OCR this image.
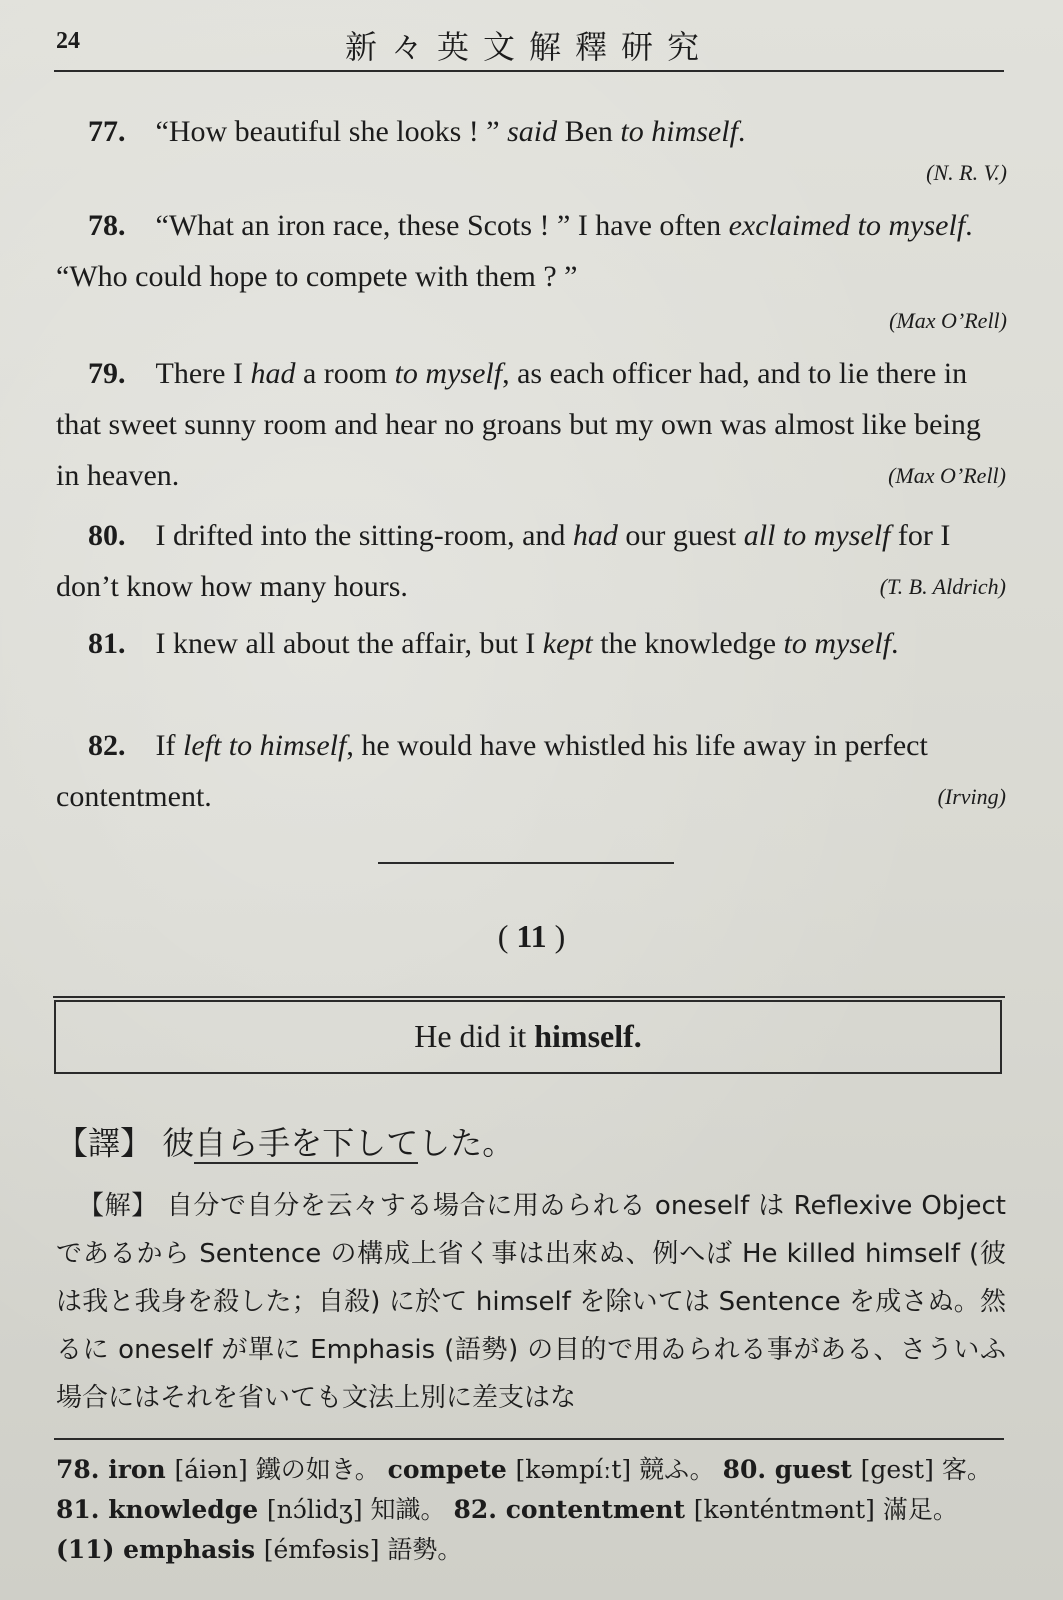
24	新々英文解釋研究
77. “How beautiful she looks ! ” said Ben to himself.
(N. R. V.)
78. “What an iron race, these Scots ! ” I have often exclaimed to myself. “Who could hope to compete with them ? ”
(Max O’Rell)
79. There I had a room to myself, as each officer had, and to lie there in that sweet sunny room and hear no groans but my own was almost like being in heaven.	(Max O’Rell)
80. I drifted into the sitting-room, and had our guest all to myself for I don’t know how many hours.	(T. B. Aldrich)
81. I knew all about the affair, but I kept the knowledge to myself.
82. If left to himself, he would have whistled his life away in perfect contentment.	(Irving)
( 11 )
He did it himself.
【譯】 彼自ら手を下してした。
【解】 自分で自分を云々する場合に用ゐられる oneself は Reflexive Object であるから Sentence の構成上省く事は出來ぬ、例へば He killed himself (彼は我と我身を殺した；自殺) に於て himself を除いては Sentence を成さぬ。然るに oneself が單に Emphasis (語勢) の目的で用ゐられる事がある、さういふ場合にはそれを省いても文法上別に差支はな
78. iron [áiən] 鐵の如き。 compete [kəmpíːt] 競ふ。 80. guest [gest] 客。 81. knowledge [nɔ́lidʒ] 知識。 82. contentment [kənténtmənt] 滿足。 (11) emphasis [émfəsis] 語勢。
